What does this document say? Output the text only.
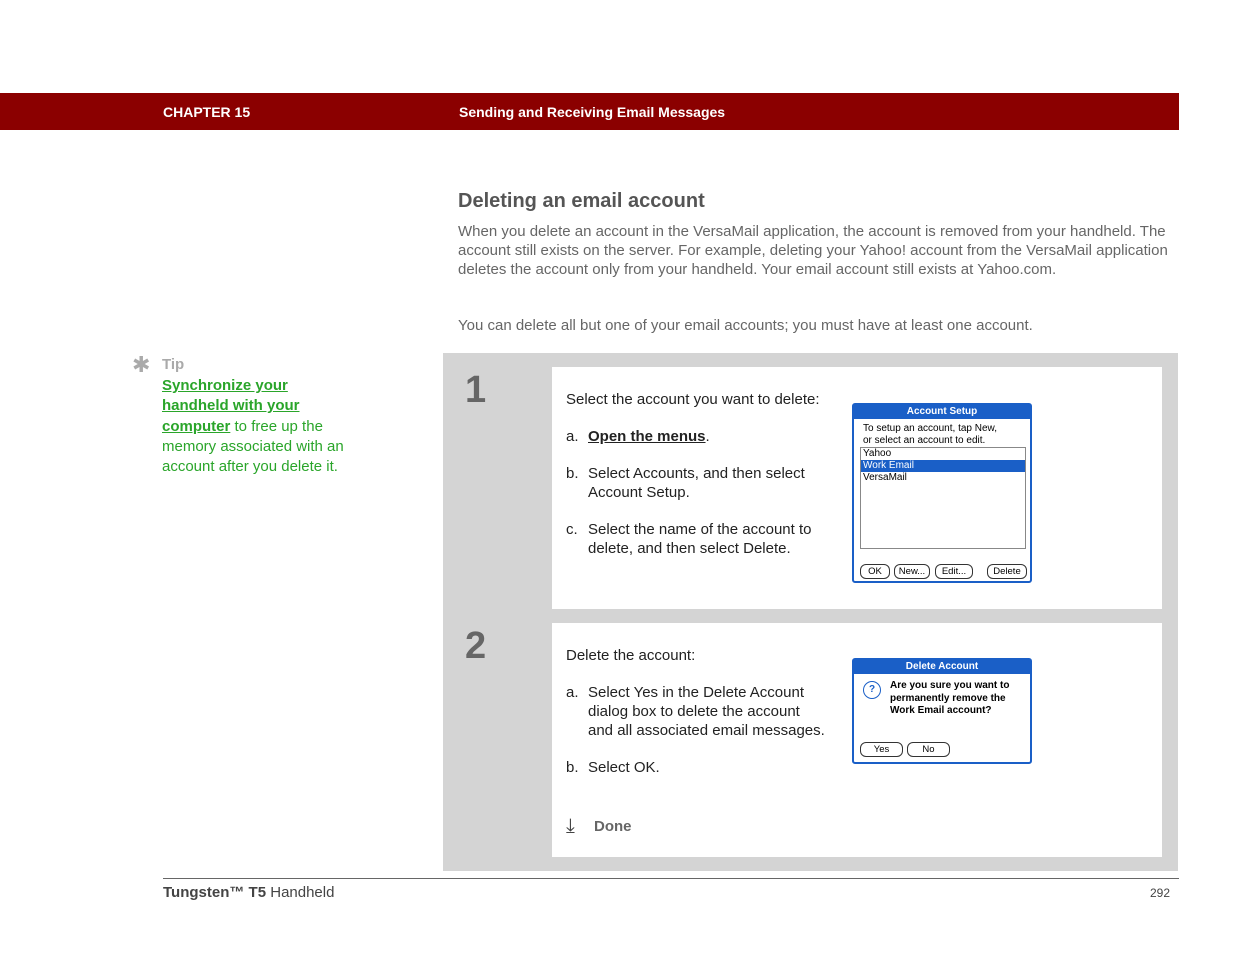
CHAPTER 15	Sending and Receiving Email Messages
Deleting an email account

When you delete an account in the VersaMail application, the account is removed from your handheld. The account still exists on the server. For example, deleting your Yahoo! account from the VersaMail application deletes the account only from your handheld. Your email account still exists at Yahoo.com.

You can delete all but one of your email accounts; you must have at least one account.

✱ Tip
Synchronize your handheld with your computer to free up the memory associated with an account after you delete it.
1	Select the account you want to delete:

a. Open the menus.

b. Select Accounts, and then select Account Setup.

c. Select the name of the account to delete, and then select Delete.

Account Setup
To setup an account, tap New,
or select an account to edit.
Yahoo
Work Email
VersaMail
OK	New...	Edit...	Delete
2	Delete the account:

a. Select Yes in the Delete Account dialog box to delete the account and all associated email messages.

b. Select OK.

⤓	Done
Delete Account
?	Are you sure you want to permanently remove the Work Email account?
Yes	No
Tungsten™ T5 Handheld	292
